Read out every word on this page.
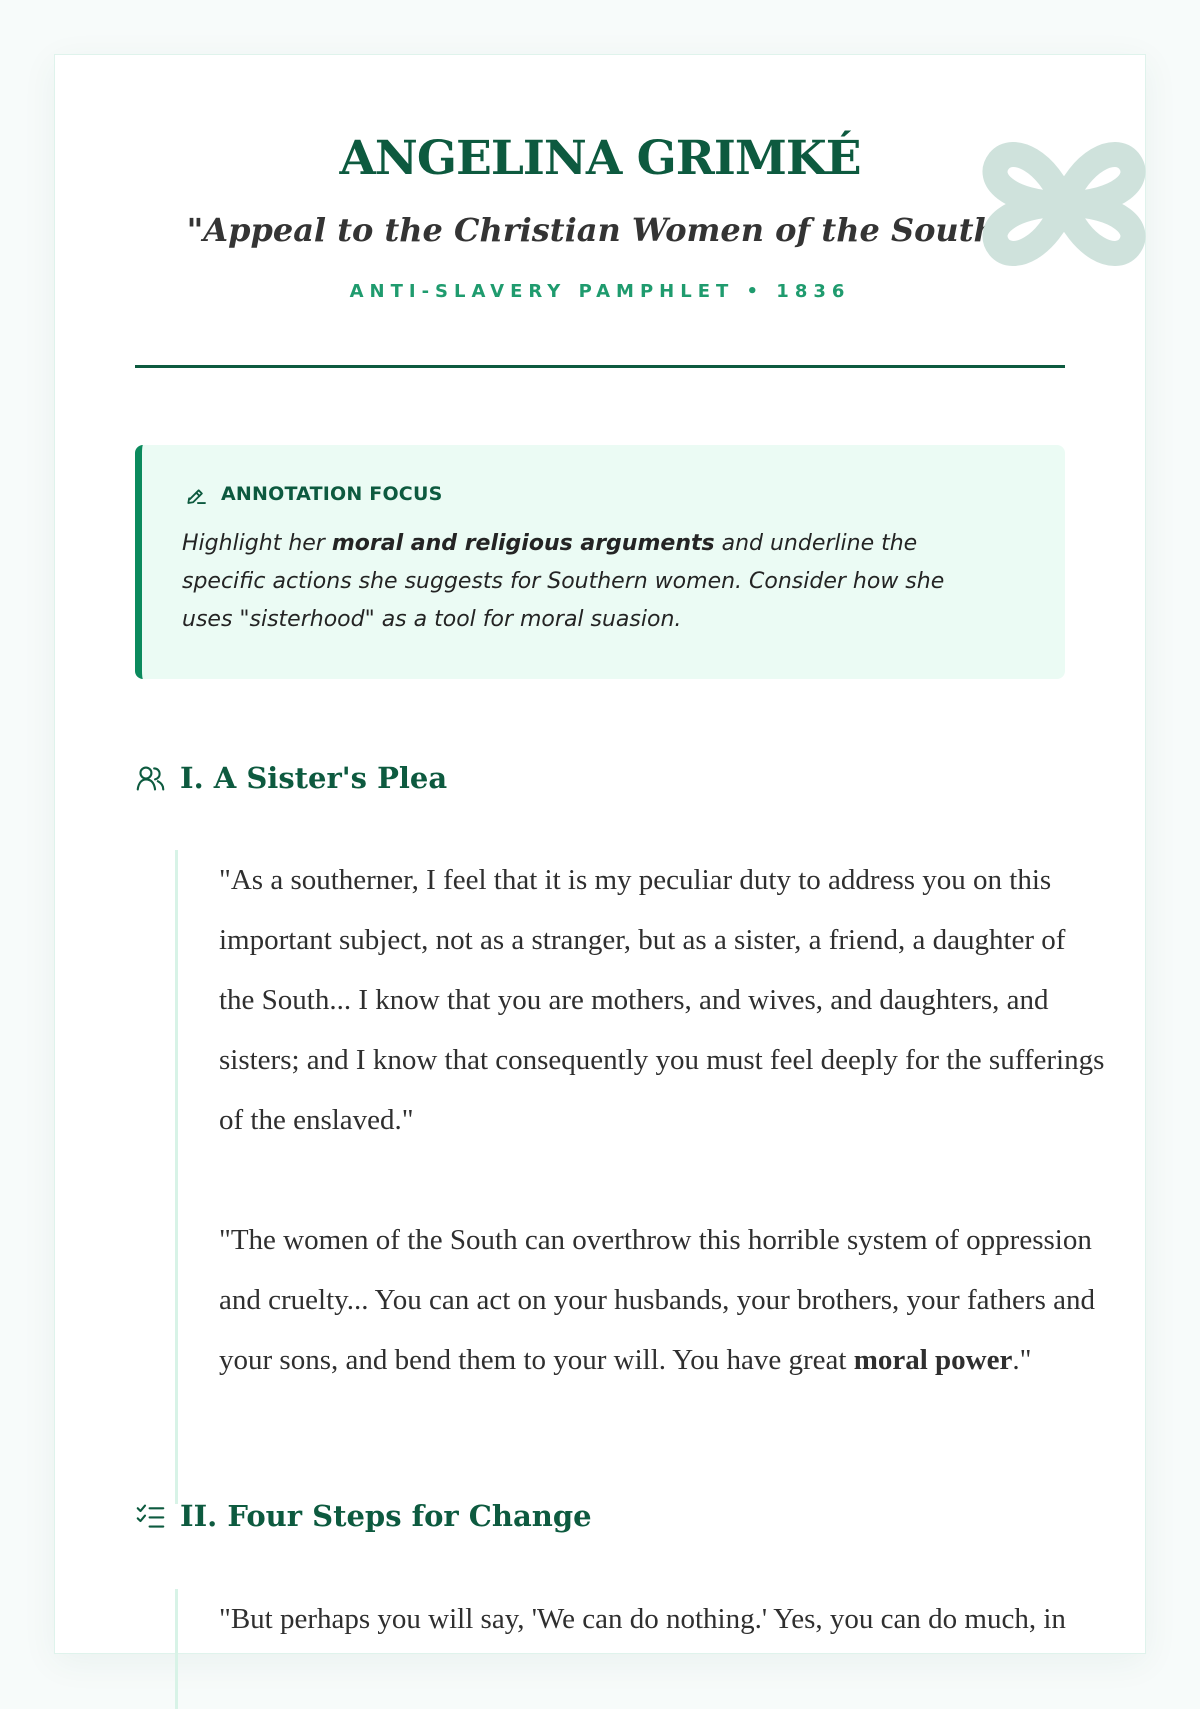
ANGELINA GRIMKÉ
"Appeal to the Christian Women of the South"
ANTI-SLAVERY PAMPHLET • 1836
ANNOTATION FOCUS
Highlight her moral and religious arguments and underline the specific actions she suggests for Southern women. Consider how she uses "sisterhood" as a tool for moral suasion.
I. A Sister's Plea

"As a southerner, I feel that it is my peculiar duty to address you on this important subject, not as a stranger, but as a sister, a friend, a daughter of the South... I know that you are mothers, and wives, and daughters, and sisters; and I know that consequently you must feel deeply for the sufferings of the enslaved."

"The women of the South can overthrow this horrible system of oppression and cruelty... You can act on your husbands, your brothers, your fathers and your sons, and bend them to your will. You have great moral power."

II. Four Steps for Change

"But perhaps you will say, 'We can do nothing.' Yes, you can do much, in
